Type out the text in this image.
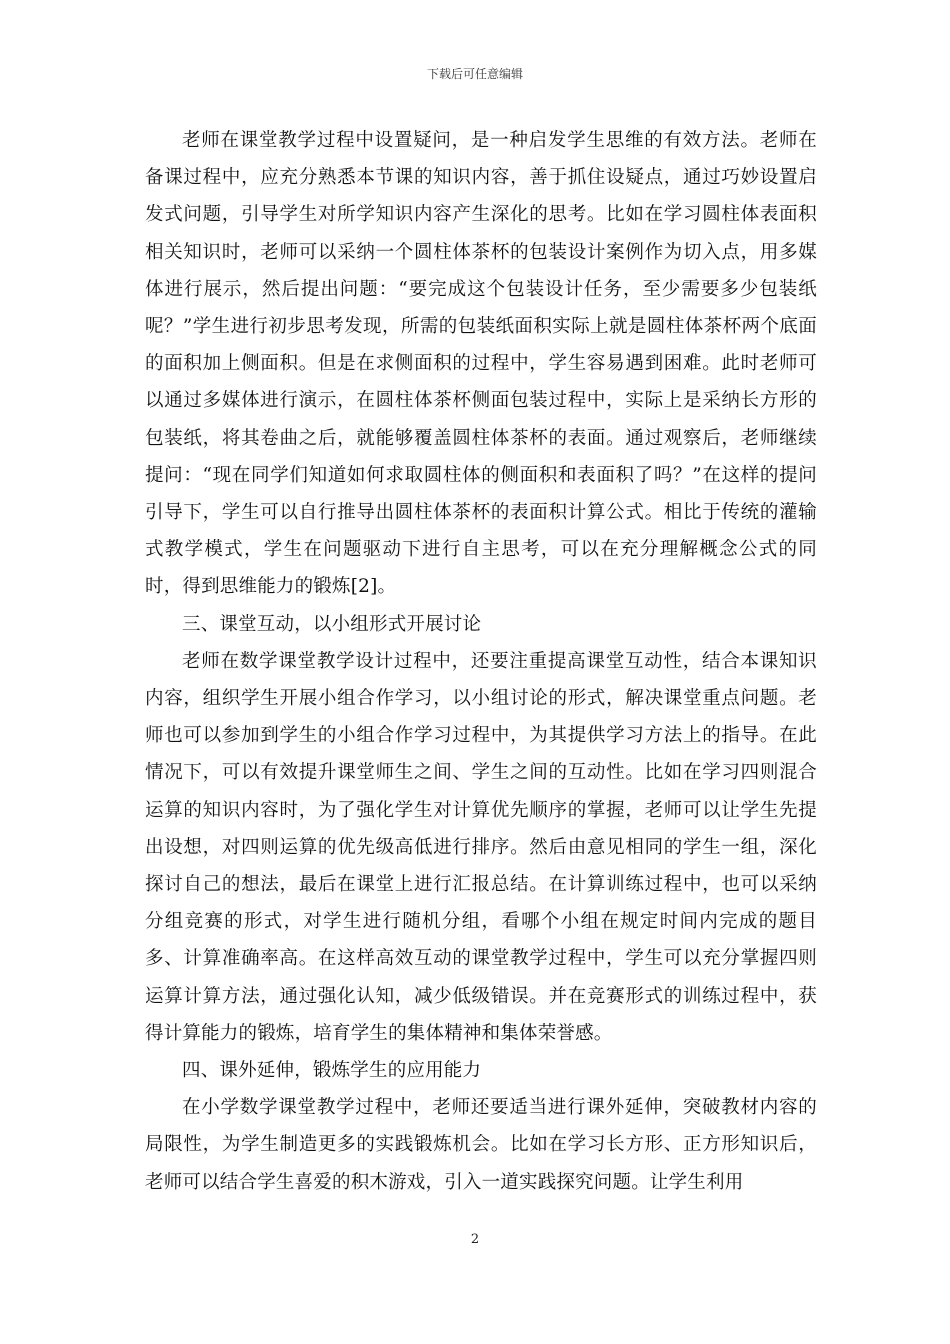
下载后可任意编辑

老师在课堂教学过程中设置疑问，是一种启发学生思维的有效方法。老师在备课过程中，应充分熟悉本节课的知识内容，善于抓住设疑点，通过巧妙设置启发式问题，引导学生对所学知识内容产生深化的思考。比如在学习圆柱体表面积相关知识时，老师可以采纳一个圆柱体茶杯的包装设计案例作为切入点，用多媒体进行展示，然后提出问题：“要完成这个包装设计任务，至少需要多少包装纸呢？”学生进行初步思考发现，所需的包装纸面积实际上就是圆柱体茶杯两个底面的面积加上侧面积。但是在求侧面积的过程中，学生容易遇到困难。此时老师可以通过多媒体进行演示，在圆柱体茶杯侧面包装过程中，实际上是采纳长方形的包装纸，将其卷曲之后，就能够覆盖圆柱体茶杯的表面。通过观察后，老师继续提问：“现在同学们知道如何求取圆柱体的侧面积和表面积了吗？”在这样的提问引导下，学生可以自行推导出圆柱体茶杯的表面积计算公式。相比于传统的灌输式教学模式，学生在问题驱动下进行自主思考，可以在充分理解概念公式的同时，得到思维能力的锻炼[2]。

三、课堂互动，以小组形式开展讨论

老师在数学课堂教学设计过程中，还要注重提高课堂互动性，结合本课知识内容，组织学生开展小组合作学习，以小组讨论的形式，解决课堂重点问题。老师也可以参加到学生的小组合作学习过程中，为其提供学习方法上的指导。在此情况下，可以有效提升课堂师生之间、学生之间的互动性。比如在学习四则混合运算的知识内容时，为了强化学生对计算优先顺序的掌握，老师可以让学生先提出设想，对四则运算的优先级高低进行排序。然后由意见相同的学生一组，深化探讨自己的想法，最后在课堂上进行汇报总结。在计算训练过程中，也可以采纳分组竞赛的形式，对学生进行随机分组，看哪个小组在规定时间内完成的题目多、计算准确率高。在这样高效互动的课堂教学过程中，学生可以充分掌握四则运算计算方法，通过强化认知，减少低级错误。并在竞赛形式的训练过程中，获得计算能力的锻炼，培育学生的集体精神和集体荣誉感。

四、课外延伸，锻炼学生的应用能力

在小学数学课堂教学过程中，老师还要适当进行课外延伸，突破教材内容的局限性，为学生制造更多的实践锻炼机会。比如在学习长方形、正方形知识后，老师可以结合学生喜爱的积木游戏，引入一道实践探究问题。让学生利用

2
